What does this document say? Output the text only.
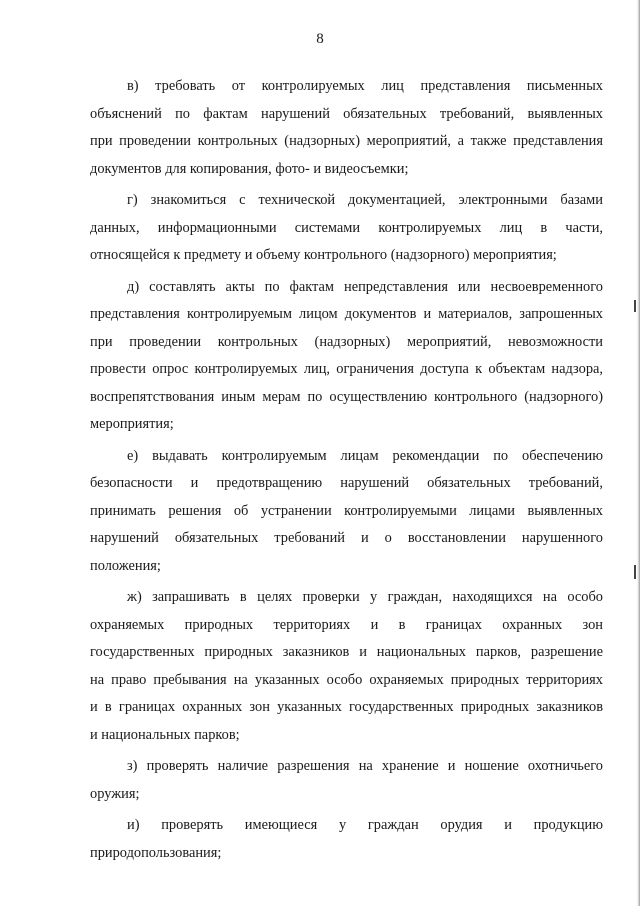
8

в) требовать от контролируемых лиц представления письменных
объяснений по фактам нарушений обязательных требований, выявленных
при проведении контрольных (надзорных) мероприятий, а также представления
документов для копирования, фото- и видеосъемки;

г) знакомиться с технической документацией, электронными базами
данных, информационными системами контролируемых лиц в части,
относящейся к предмету и объему контрольного (надзорного) мероприятия;

д) составлять акты по фактам непредставления или несвоевременного
представления контролируемым лицом документов и материалов, запрошенных
при проведении контрольных (надзорных) мероприятий, невозможности
провести опрос контролируемых лиц, ограничения доступа к объектам надзора,
воспрепятствования иным мерам по осуществлению контрольного (надзорного)
мероприятия;

е) выдавать контролируемым лицам рекомендации по обеспечению
безопасности и предотвращению нарушений обязательных требований,
принимать решения об устранении контролируемыми лицами выявленных
нарушений обязательных требований и о восстановлении нарушенного
положения;

ж) запрашивать в целях проверки у граждан, находящихся на особо
охраняемых природных территориях и в границах охранных зон
государственных природных заказников и национальных парков, разрешение
на право пребывания на указанных особо охраняемых природных территориях
и в границах охранных зон указанных государственных природных заказников
и национальных парков;

з) проверять наличие разрешения на хранение и ношение охотничьего
оружия;

и) проверять имеющиеся у граждан орудия и продукцию
природопользования;
